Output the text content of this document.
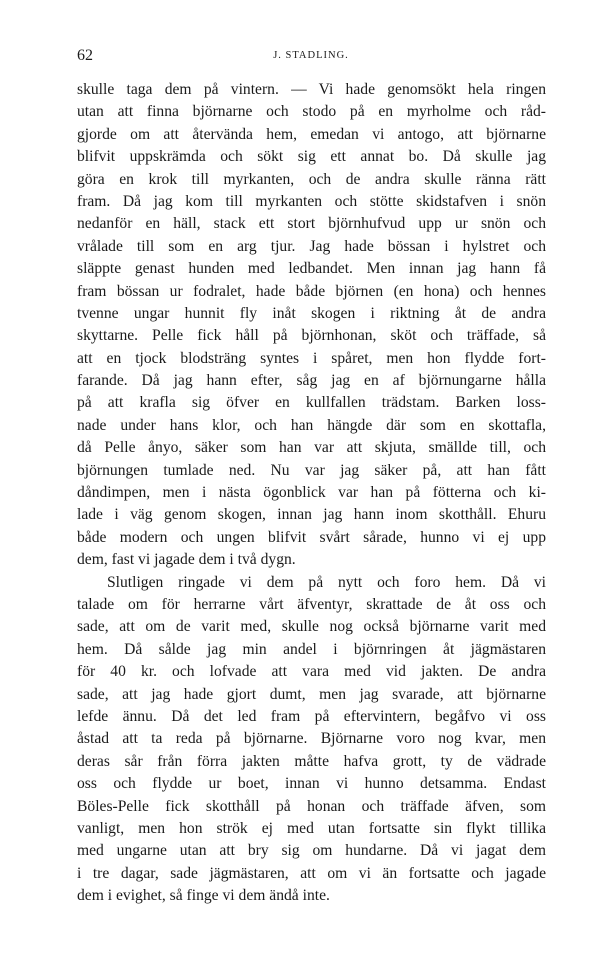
62	J. STADLING.
skulle taga dem på vintern. — Vi hade genomsökt hela ringen
utan att finna björnarne och stodo på en myrholme och råd-
gjorde om att återvända hem, emedan vi antogo, att björnarne
blifvit uppskrämda och sökt sig ett annat bo. Då skulle jag
göra en krok till myrkanten, och de andra skulle ränna rätt
fram. Då jag kom till myrkanten och stötte skidstafven i snön
nedanför en häll, stack ett stort björnhufvud upp ur snön och
vrålade till som en arg tjur. Jag hade bössan i hylstret och
släppte genast hunden med ledbandet. Men innan jag hann få
fram bössan ur fodralet, hade både björnen (en hona) och hennes
tvenne ungar hunnit fly inåt skogen i riktning åt de andra
skyttarne. Pelle fick håll på björnhonan, sköt och träffade, så
att en tjock blodsträng syntes i spåret, men hon flydde fort-
farande. Då jag hann efter, såg jag en af björnungarne hålla
på att krafla sig öfver en kullfallen trädstam. Barken loss-
nade under hans klor, och han hängde där som en skottafla,
då Pelle ånyo, säker som han var att skjuta, smällde till, och
björnungen tumlade ned. Nu var jag säker på, att han fått
dåndimpen, men i nästa ögonblick var han på fötterna och ki-
lade i väg genom skogen, innan jag hann inom skotthåll. Ehuru
både modern och ungen blifvit svårt sårade, hunno vi ej upp
dem, fast vi jagade dem i två dygn.
Slutligen ringade vi dem på nytt och foro hem. Då vi
talade om för herrarne vårt äfventyr, skrattade de åt oss och
sade, att om de varit med, skulle nog också björnarne varit med
hem. Då sålde jag min andel i björnringen åt jägmästaren
för 40 kr. och lofvade att vara med vid jakten. De andra
sade, att jag hade gjort dumt, men jag svarade, att björnarne
lefde ännu. Då det led fram på eftervintern, begåfvo vi oss
åstad att ta reda på björnarne. Björnarne voro nog kvar, men
deras sår från förra jakten måtte hafva grott, ty de vädrade
oss och flydde ur boet, innan vi hunno detsamma. Endast
Böles-Pelle fick skotthåll på honan och träffade äfven, som
vanligt, men hon strök ej med utan fortsatte sin flykt tillika
med ungarne utan att bry sig om hundarne. Då vi jagat dem
i tre dagar, sade jägmästaren, att om vi än fortsatte och jagade
dem i evighet, så finge vi dem ändå inte.
